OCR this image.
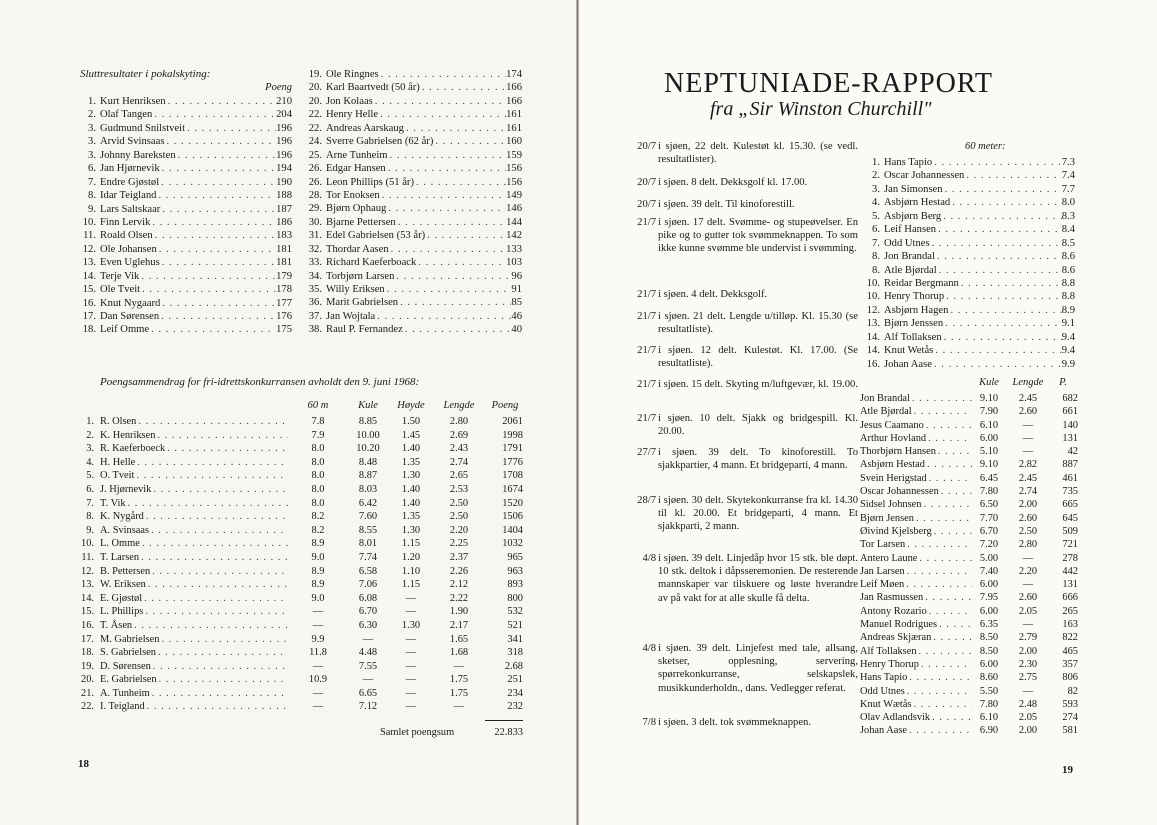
Sluttresultater i pokalskyting:
Poeng
1. Kurt Henriksen . . .	210
2. Olaf Tangen . . .	204
3. Gudmund Snilstveit . . .	196
3. Arvid Svinsaas . . .	196
3. Johnny Bareksten . . .	196
6. Jan Hjørnevik . . .	194
7. Endre Gjøstøl . . .	190
8. Idar Teigland . . .	188
9. Lars Saltskaar . . .	187
10. Finn Lervik . . .	186
11. Roald Olsen . . .	183
12. Ole Johansen . . .	181
13. Even Uglehus . . .	181
14. Terje Vik . . .	179
15. Ole Tveit . . .	178
16. Knut Nygaard . . .	177
17. Dan Sørensen . . .	176
18. Leif Omme . . .	175
19. Ole Ringnes . . .	174
20. Karl Baartvedt (50 år) . . .	166
20. Jon Kolaas . . .	166
22. Henry Helle . . .	161
22. Andreas Aarskaug . . .	161
24. Sverre Gabrielsen (62 år) . . .	160
25. Arne Tunheim . . .	159
26. Edgar Hansen . . .	156
26. Leon Phillips (51 år) . . .	156
28. Tor Enoksen . . .	149
29. Bjørn Ophaug . . .	146
30. Bjarne Pettersen . . .	144
31. Edel Gabrielsen (53 år) . . .	142
32. Thordar Aasen . . .	133
33. Richard Kaeferboack . . .	103
34. Torbjørn Larsen . . .	96
35. Willy Eriksen . . .	91
36. Marit Gabrielsen . . .	85
37. Jan Wojtala . . .	46
38. Raul P. Fernandez . . .	40
Poengsammendrag for fri-idrettskonkurransen avholdt den 9. juni 1968:
60 m	Kule	Høyde	Lengde	Poeng
1. R. Olsen . . .	7.8	8.85	1.50	2.80	2061
2. K. Henriksen . . .	7.9	10.00	1.45	2.69	1998
3. R. Kaeferboeck . . .	8.0	10.20	1.40	2.43	1791
4. H. Helle . . .	8.0	8.48	1.35	2.74	1776
5. O. Tveit . . .	8.0	8.87	1.30	2.65	1708
6. J. Hjørnevik . . .	8.0	8.03	1.40	2.53	1674
7. T. Vik . . .	8.0	6.42	1.40	2.50	1520
8. K. Nygård . . .	8.2	7.60	1.35	2.50	1506
9. A. Svinsaas . . .	8.2	8.55	1.30	2.20	1404
10. L. Omme . . .	8.9	8.01	1.15	2.25	1032
11. T. Larsen . . .	9.0	7.74	1.20	2.37	965
12. B. Pettersen . . .	8.9	6.58	1.10	2.26	963
13. W. Eriksen . . .	8.9	7.06	1.15	2.12	893
14. E. Gjøstøl . . .	9.0	6.08	—	2.22	800
15. L. Phillips . . .	—	6.70	—	1.90	532
16. T. Åsen . . .	—	6.30	1.30	2.17	521
17. M. Gabrielsen . . .	9.9	—	—	1.65	341
18. S. Gabrielsen . . .	11.8	4.48	—	1.68	318
19. D. Sørensen . . .	—	7.55	—	—	2.68
20. E. Gabrielsen . . .	10.9	—	—	1.75	251
21. A. Tunheim . . .	—	6.65	—	1.75	234
22. I. Teigland . . .	—	7.12	—	—	232
Samlet poengsum	22.833
18
NEPTUNIADE-RAPPORT
fra „Sir Winston Churchill"
20/7 i sjøen, 22 delt. Kulestøt kl. 15.30. (se vedl. resultatlister).
20/7 i sjøen. 8 delt. Dekksgolf kl. 17.00.
20/7 i sjøen. 39 delt. Til kinoforestill.
21/7 i sjøen. 17 delt. Svømme- og stupeøvelser. En pike og to gutter tok svømmeknappen. To som ikke kunne svømme ble undervist i svømming.
21/7 i sjøen. 4 delt. Dekksgolf.
21/7 i sjøen. 21 delt. Lengde u/tilløp. Kl. 15.30 (se resultatliste).
21/7 i sjøen. 12 delt. Kulestøt. Kl. 17.00. (Se resultatliste).
21/7 i sjøen. 15 delt. Skyting m/luftgevær, kl. 19.00.
21/7 i sjøen. 10 delt. Sjakk og bridgespill. Kl. 20.00.
27/7 i sjøen. 39 delt. To kinoforestill. To sjakkpartier, 4 mann. Et bridgeparti, 4 mann.
28/7 i sjøen. 30 delt. Skytekonkurranse fra kl. 14.30 til kl. 20.00. Et bridgeparti, 4 mann. Et sjakkparti, 2 mann.
4/8 i sjøen. 39 delt. Linjedåp hvor 15 stk. ble døpt. 10 stk. deltok i dåpsseremonien. De resterende mannskaper var tilskuere og løste hverandre av på vakt for at alle skulle få delta.
4/8 i sjøen. 39 delt. Linjefest med tale, allsang, sketser, opplesning, servering, spørrekonkurranse, selskapslek, musikkunderholdn., dans. Vedlegger referat.
7/8 i sjøen. 3 delt. tok svømmeknappen.
60 meter:
1. Hans Tapio . . .	7.3
2. Oscar Johannessen . . .	7.4
3. Jan Simonsen . . .	7.7
4. Asbjørn Hestad . . .	8.0
5. Asbjørn Berg . . .	8.3
6. Leif Hansen . . .	8.4
7. Odd Utnes . . .	8.5
8. Jon Brandal . . .	8.6
8. Atle Bjørdal . . .	8.6
10. Reidar Bergmann . . .	8.8
10. Henry Thorup . . .	8.8
12. Asbjørn Hagen . . .	8.9
13. Bjørn Jenssen . . .	9.1
14. Alf Tollaksen . . .	9.4
14. Knut Wetås . . .	9.4
16. Johan Aase . . .	9.9
Kule	Lengde	P.
Jon Brandal . . .	9.10	2.45	682
Atle Bjørdal . . .	7.90	2.60	661
Jesus Caamano . . .	6.10	—	140
Arthur Hovland . . .	6.00	—	131
Thorbjørn Hansen . . .	5.10	—	42
Asbjørn Hestad . . .	9.10	2.82	887
Svein Herigstad . . .	6.45	2.45	461
Oscar Johannessen . . .	7.80	2.74	735
Sidsel Johnsen . . .	6.50	2.00	665
Bjørn Jensen . . .	7.70	2.60	645
Øivind Kjelsberg . . .	6.70	2.50	509
Tor Larsen . . .	7.20	2.80	721
Antero Laune . . .	5.00	—	278
Jan Larsen . . .	7.40	2.20	442
Leif Møen . . .	6.00	—	131
Jan Rasmussen . . .	7.95	2.60	666
Antony Rozario . . .	6.00	2.05	265
Manuel Rodrigues . . .	6.35	—	163
Andreas Skjæran . . .	8.50	2.79	822
Alf Tollaksen . . .	8.50	2.00	465
Henry Thorup . . .	6.00	2.30	357
Hans Tapio . . .	8.60	2.75	806
Odd Utnes . . .	5.50	—	82
Knut Wætås . . .	7.80	2.48	593
Olav Adlandsvik . . .	6.10	2.05	274
Johan Aase . . .	6.90	2.00	581
19
